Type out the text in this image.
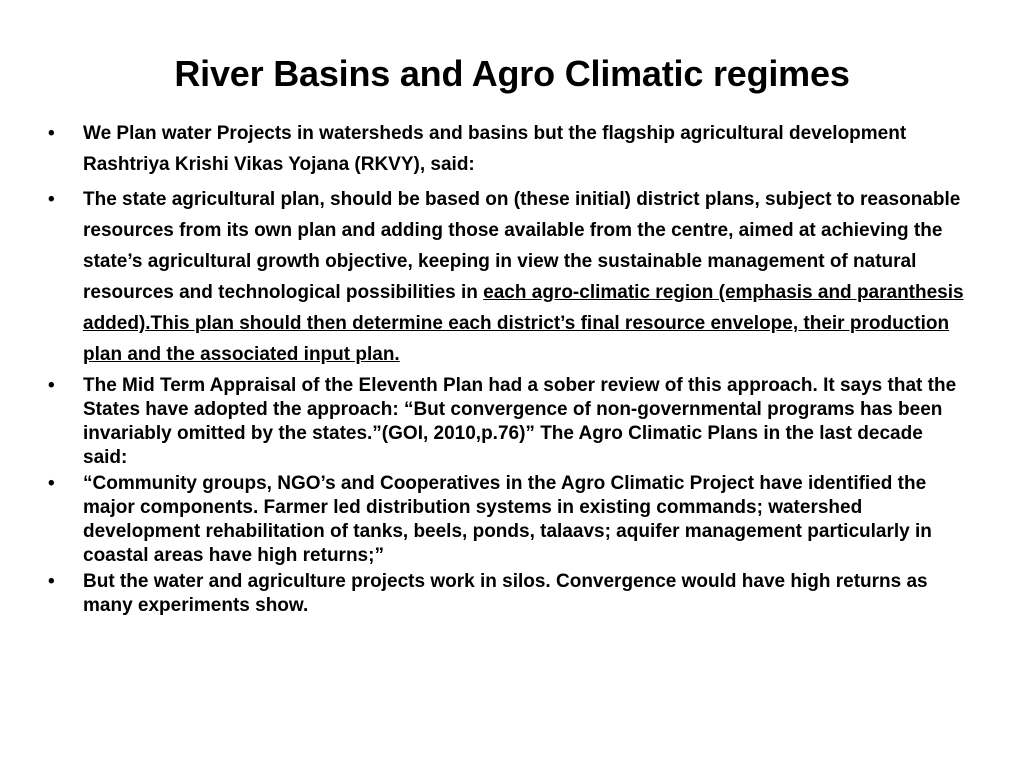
River Basins and Agro Climatic regimes
•	We Plan water Projects in watersheds and basins but the flagship agricultural development Rashtriya Krishi Vikas Yojana (RKVY), said:
•	The state agricultural plan, should be based on (these initial) district plans, subject to reasonable resources from its own plan and adding those available from the centre, aimed at achieving the state’s agricultural growth objective, keeping in view the sustainable management of natural resources and technological possibilities in each agro-climatic region (emphasis and paranthesis added).This plan should then determine each district’s final resource envelope, their production plan and the associated input plan.
•	The Mid Term Appraisal of the Eleventh Plan had a sober review of this approach. It says that the States have adopted the approach: “But convergence of non-governmental programs has been invariably omitted by the states.”(GOI, 2010,p.76)” The Agro Climatic Plans in the last decade said:
•	“Community groups, NGO’s and Cooperatives in the Agro Climatic Project have identified the major components. Farmer led distribution systems in existing commands; watershed development rehabilitation of tanks, beels, ponds, talaavs; aquifer management particularly in coastal areas have high returns;”
•	But the water and agriculture projects work in silos. Convergence would have high returns as many experiments show.
